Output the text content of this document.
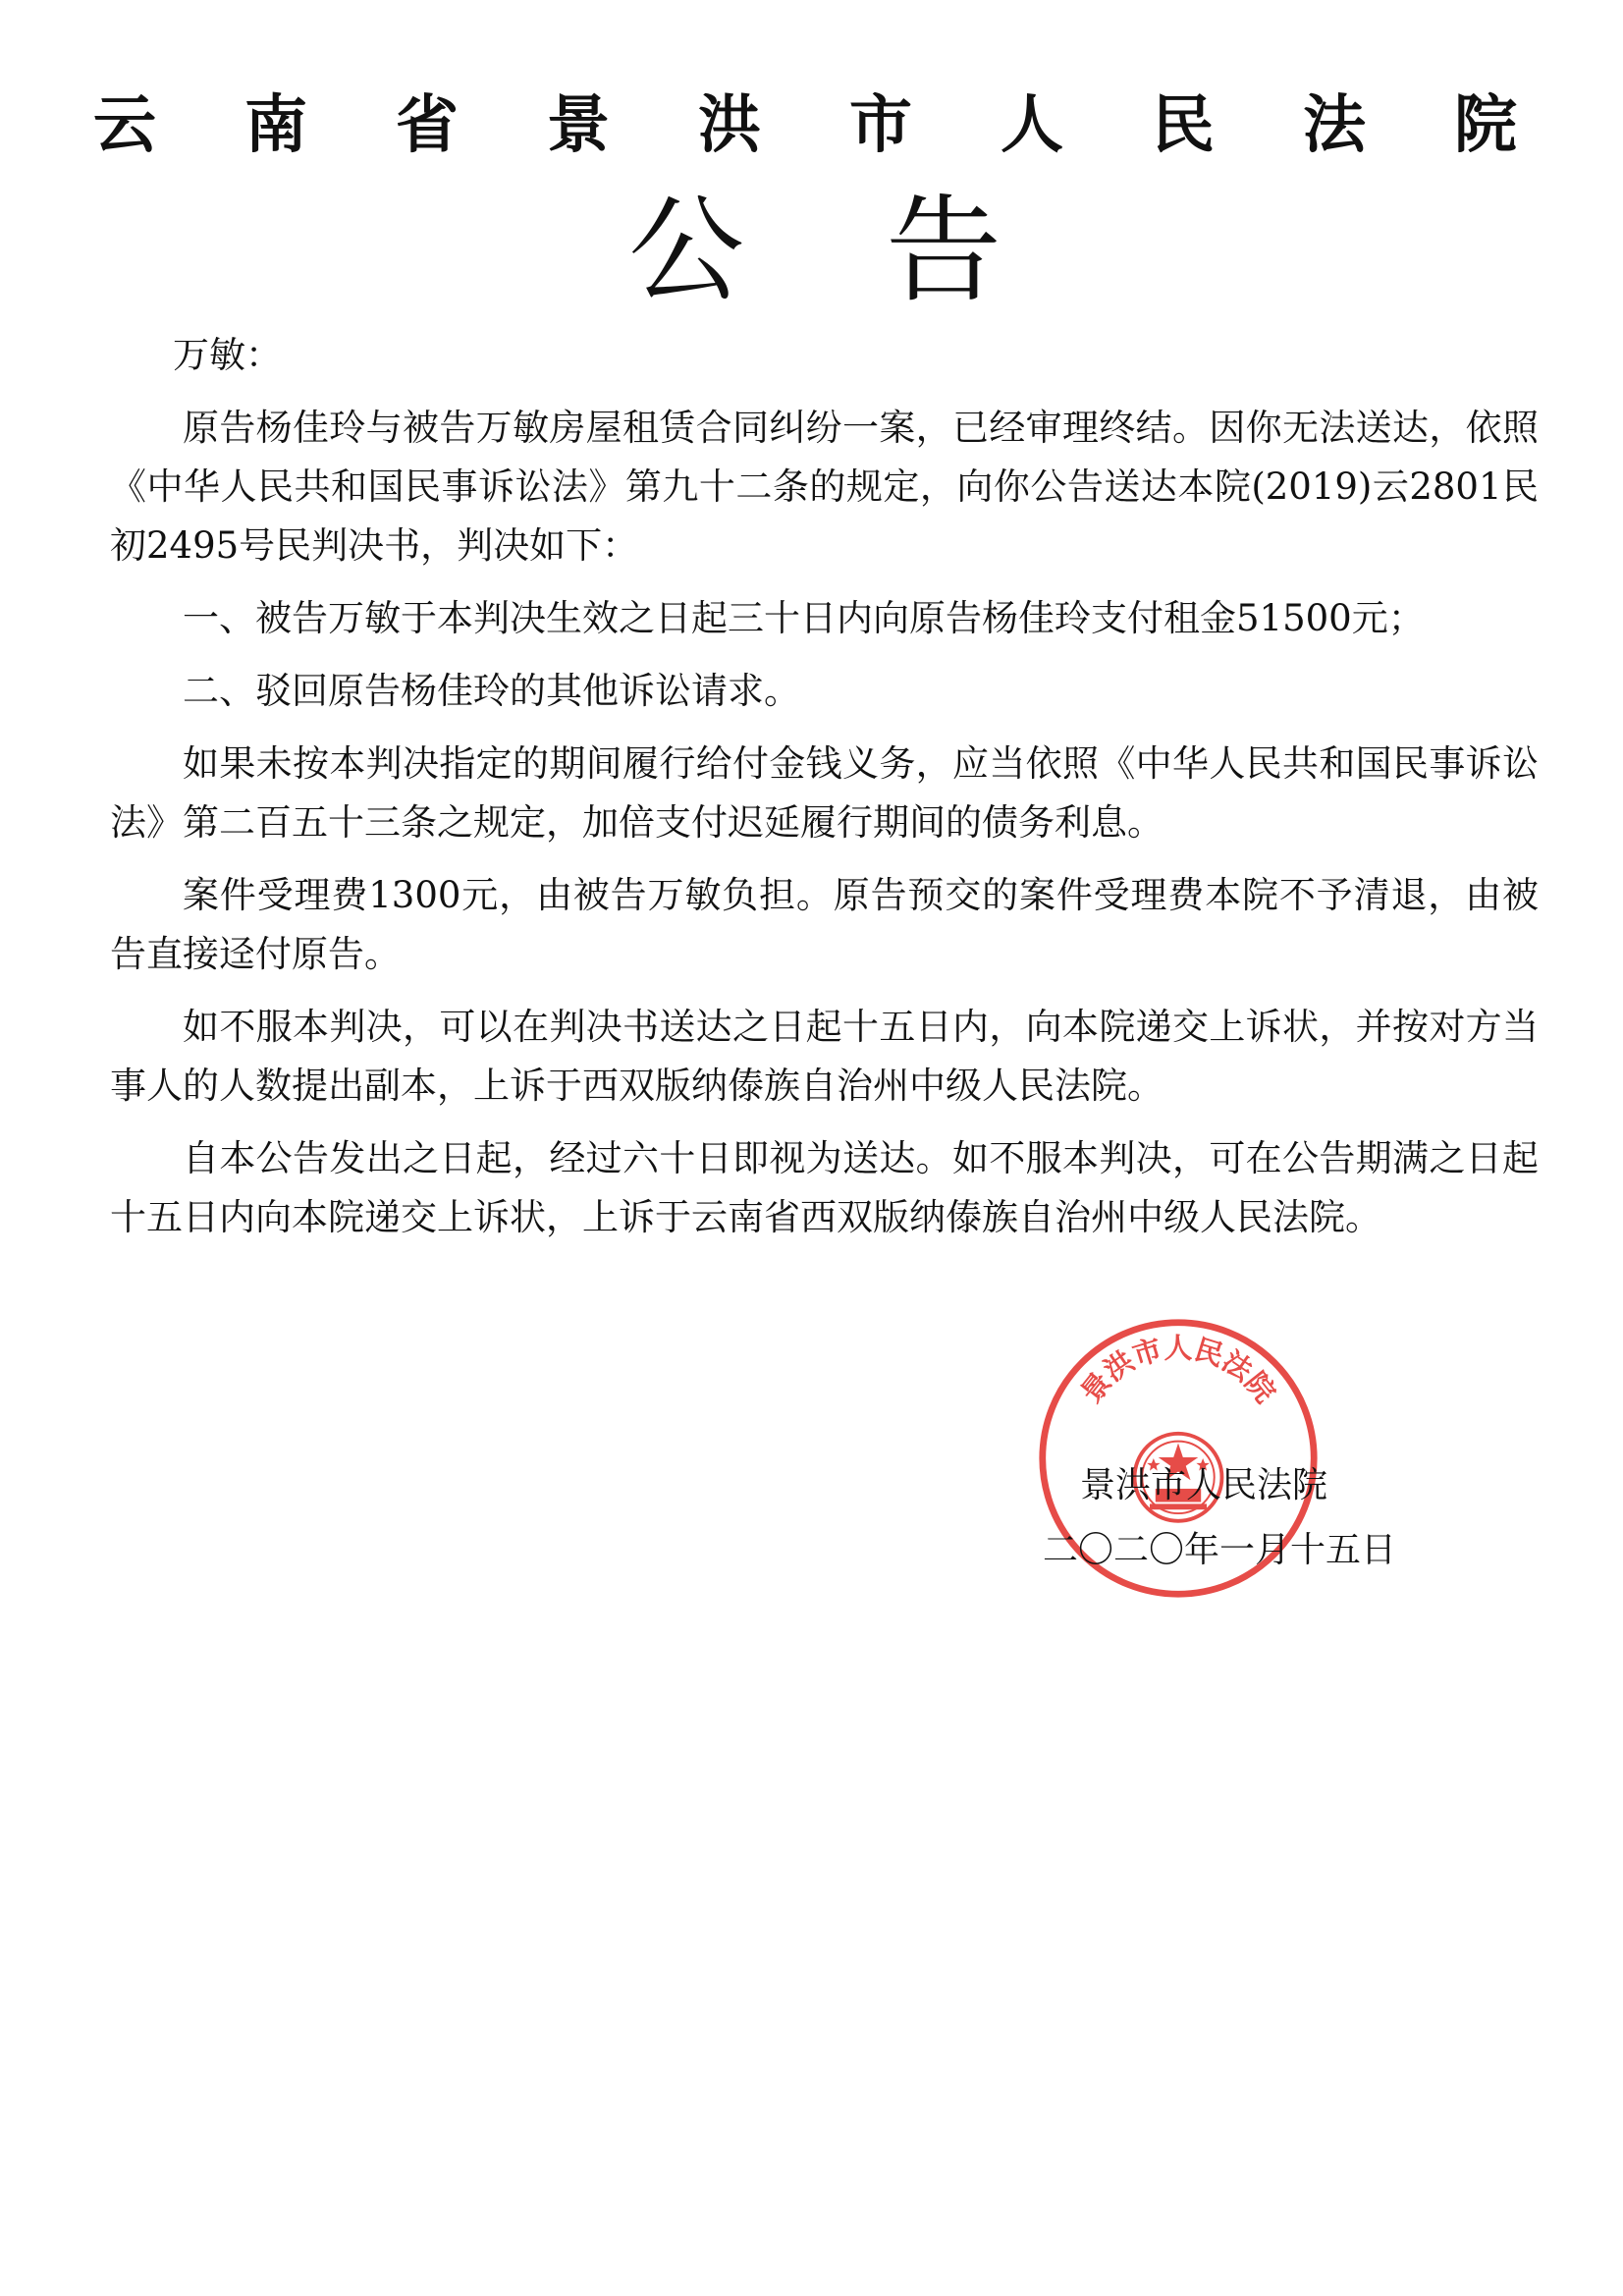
云 南 省 景 洪 市 人 民 法 院
公 告

万敏：

原告杨佳玲与被告万敏房屋租赁合同纠纷一案，已经审理终结。因你无法送达，依照《中华人民共和国民事诉讼法》第九十二条的规定，向你公告送达本院(2019)云2801民初2495号民判决书，判决如下：

一、被告万敏于本判决生效之日起三十日内向原告杨佳玲支付租金51500元；

二、驳回原告杨佳玲的其他诉讼请求。

如果未按本判决指定的期间履行给付金钱义务，应当依照《中华人民共和国民事诉讼法》第二百五十三条之规定，加倍支付迟延履行期间的债务利息。

案件受理费1300元，由被告万敏负担。原告预交的案件受理费本院不予清退，由被告直接迳付原告。

如不服本判决，可以在判决书送达之日起十五日内，向本院递交上诉状，并按对方当事人的人数提出副本，上诉于西双版纳傣族自治州中级人民法院。

自本公告发出之日起，经过六十日即视为送达。如不服本判决，可在公告期满之日起十五日内向本院递交上诉状，上诉于云南省西双版纳傣族自治州中级人民法院。

景洪市人民法院
景洪市人民法院
二〇二〇年一月十五日
